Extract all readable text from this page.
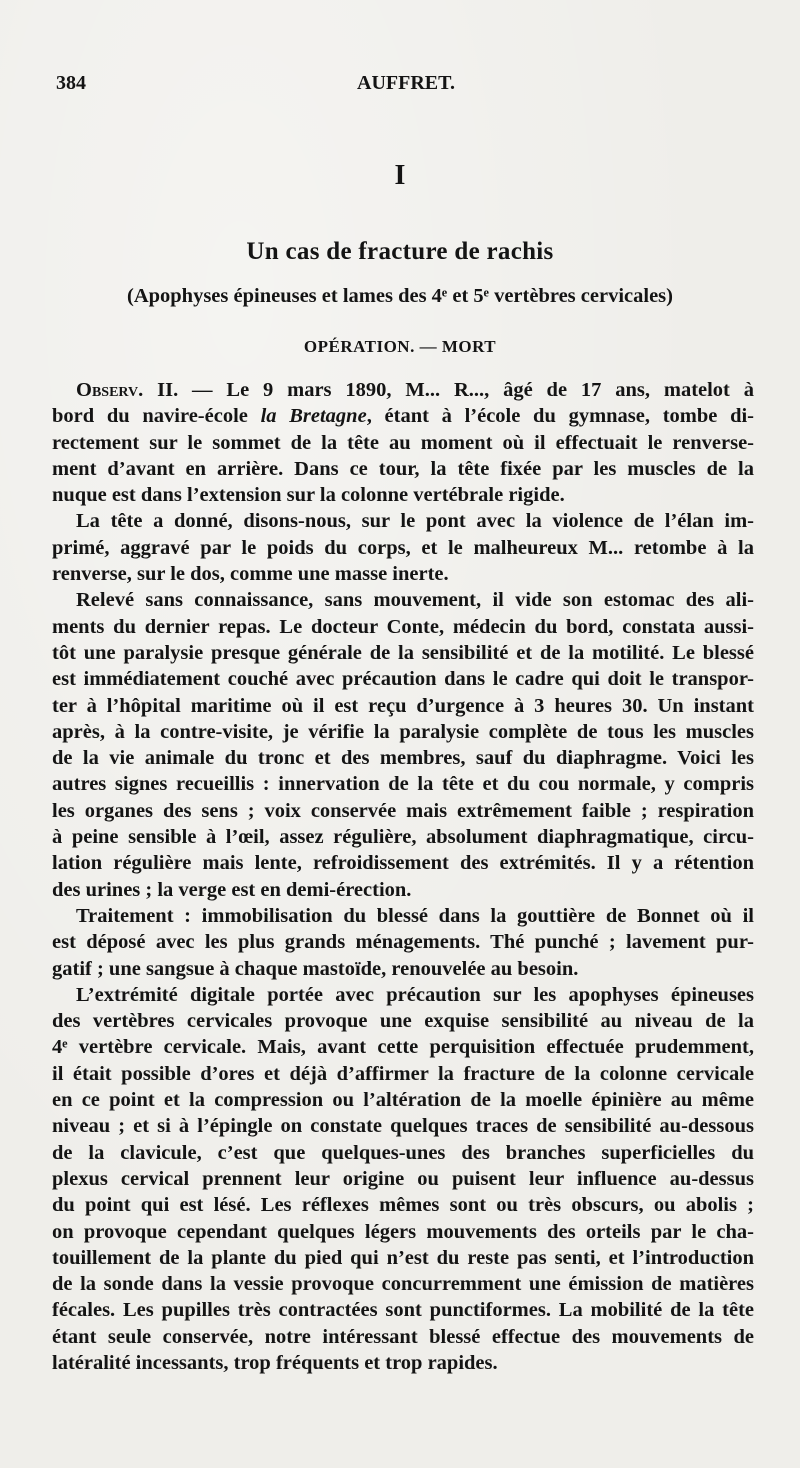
384	AUFFRET.
I
Un cas de fracture de rachis
(Apophyses épineuses et lames des 4ᵉ et 5ᵉ vertèbres cervicales)
OPÉRATION. — MORT
Observ. II. — Le 9 mars 1890, M... R..., âgé de 17 ans, matelot à
bord du navire-école la Bretagne, étant à l’école du gymnase, tombe di-
rectement sur le sommet de la tête au moment où il effectuait le renverse-
ment d’avant en arrière. Dans ce tour, la tête fixée par les muscles de la
nuque est dans l’extension sur la colonne vertébrale rigide.
La tête a donné, disons-nous, sur le pont avec la violence de l’élan im-
primé, aggravé par le poids du corps, et le malheureux M... retombe à la
renverse, sur le dos, comme une masse inerte.
Relevé sans connaissance, sans mouvement, il vide son estomac des ali-
ments du dernier repas. Le docteur Conte, médecin du bord, constata aussi-
tôt une paralysie presque générale de la sensibilité et de la motilité. Le blessé
est immédiatement couché avec précaution dans le cadre qui doit le transpor-
ter à l’hôpital maritime où il est reçu d’urgence à 3 heures 30. Un instant
après, à la contre-visite, je vérifie la paralysie complète de tous les muscles
de la vie animale du tronc et des membres, sauf du diaphragme. Voici les
autres signes recueillis : innervation de la tête et du cou normale, y compris
les organes des sens ; voix conservée mais extrêmement faible ; respiration
à peine sensible à l’œil, assez régulière, absolument diaphragmatique, circu-
lation régulière mais lente, refroidissement des extrémités. Il y a rétention
des urines ; la verge est en demi-érection.
Traitement : immobilisation du blessé dans la gouttière de Bonnet où il
est déposé avec les plus grands ménagements. Thé punché ; lavement pur-
gatif ; une sangsue à chaque mastoïde, renouvelée au besoin.
L’extrémité digitale portée avec précaution sur les apophyses épineuses
des vertèbres cervicales provoque une exquise sensibilité au niveau de la
4ᵉ vertèbre cervicale. Mais, avant cette perquisition effectuée prudemment,
il était possible d’ores et déjà d’affirmer la fracture de la colonne cervicale
en ce point et la compression ou l’altération de la moelle épinière au même
niveau ; et si à l’épingle on constate quelques traces de sensibilité au-dessous
de la clavicule, c’est que quelques-unes des branches superficielles du
plexus cervical prennent leur origine ou puisent leur influence au-dessus
du point qui est lésé. Les réflexes mêmes sont ou très obscurs, ou abolis ;
on provoque cependant quelques légers mouvements des orteils par le cha-
touillement de la plante du pied qui n’est du reste pas senti, et l’introduction
de la sonde dans la vessie provoque concurremment une émission de matières
fécales. Les pupilles très contractées sont punctiformes. La mobilité de la tête
étant seule conservée, notre intéressant blessé effectue des mouvements de
latéralité incessants, trop fréquents et trop rapides.
